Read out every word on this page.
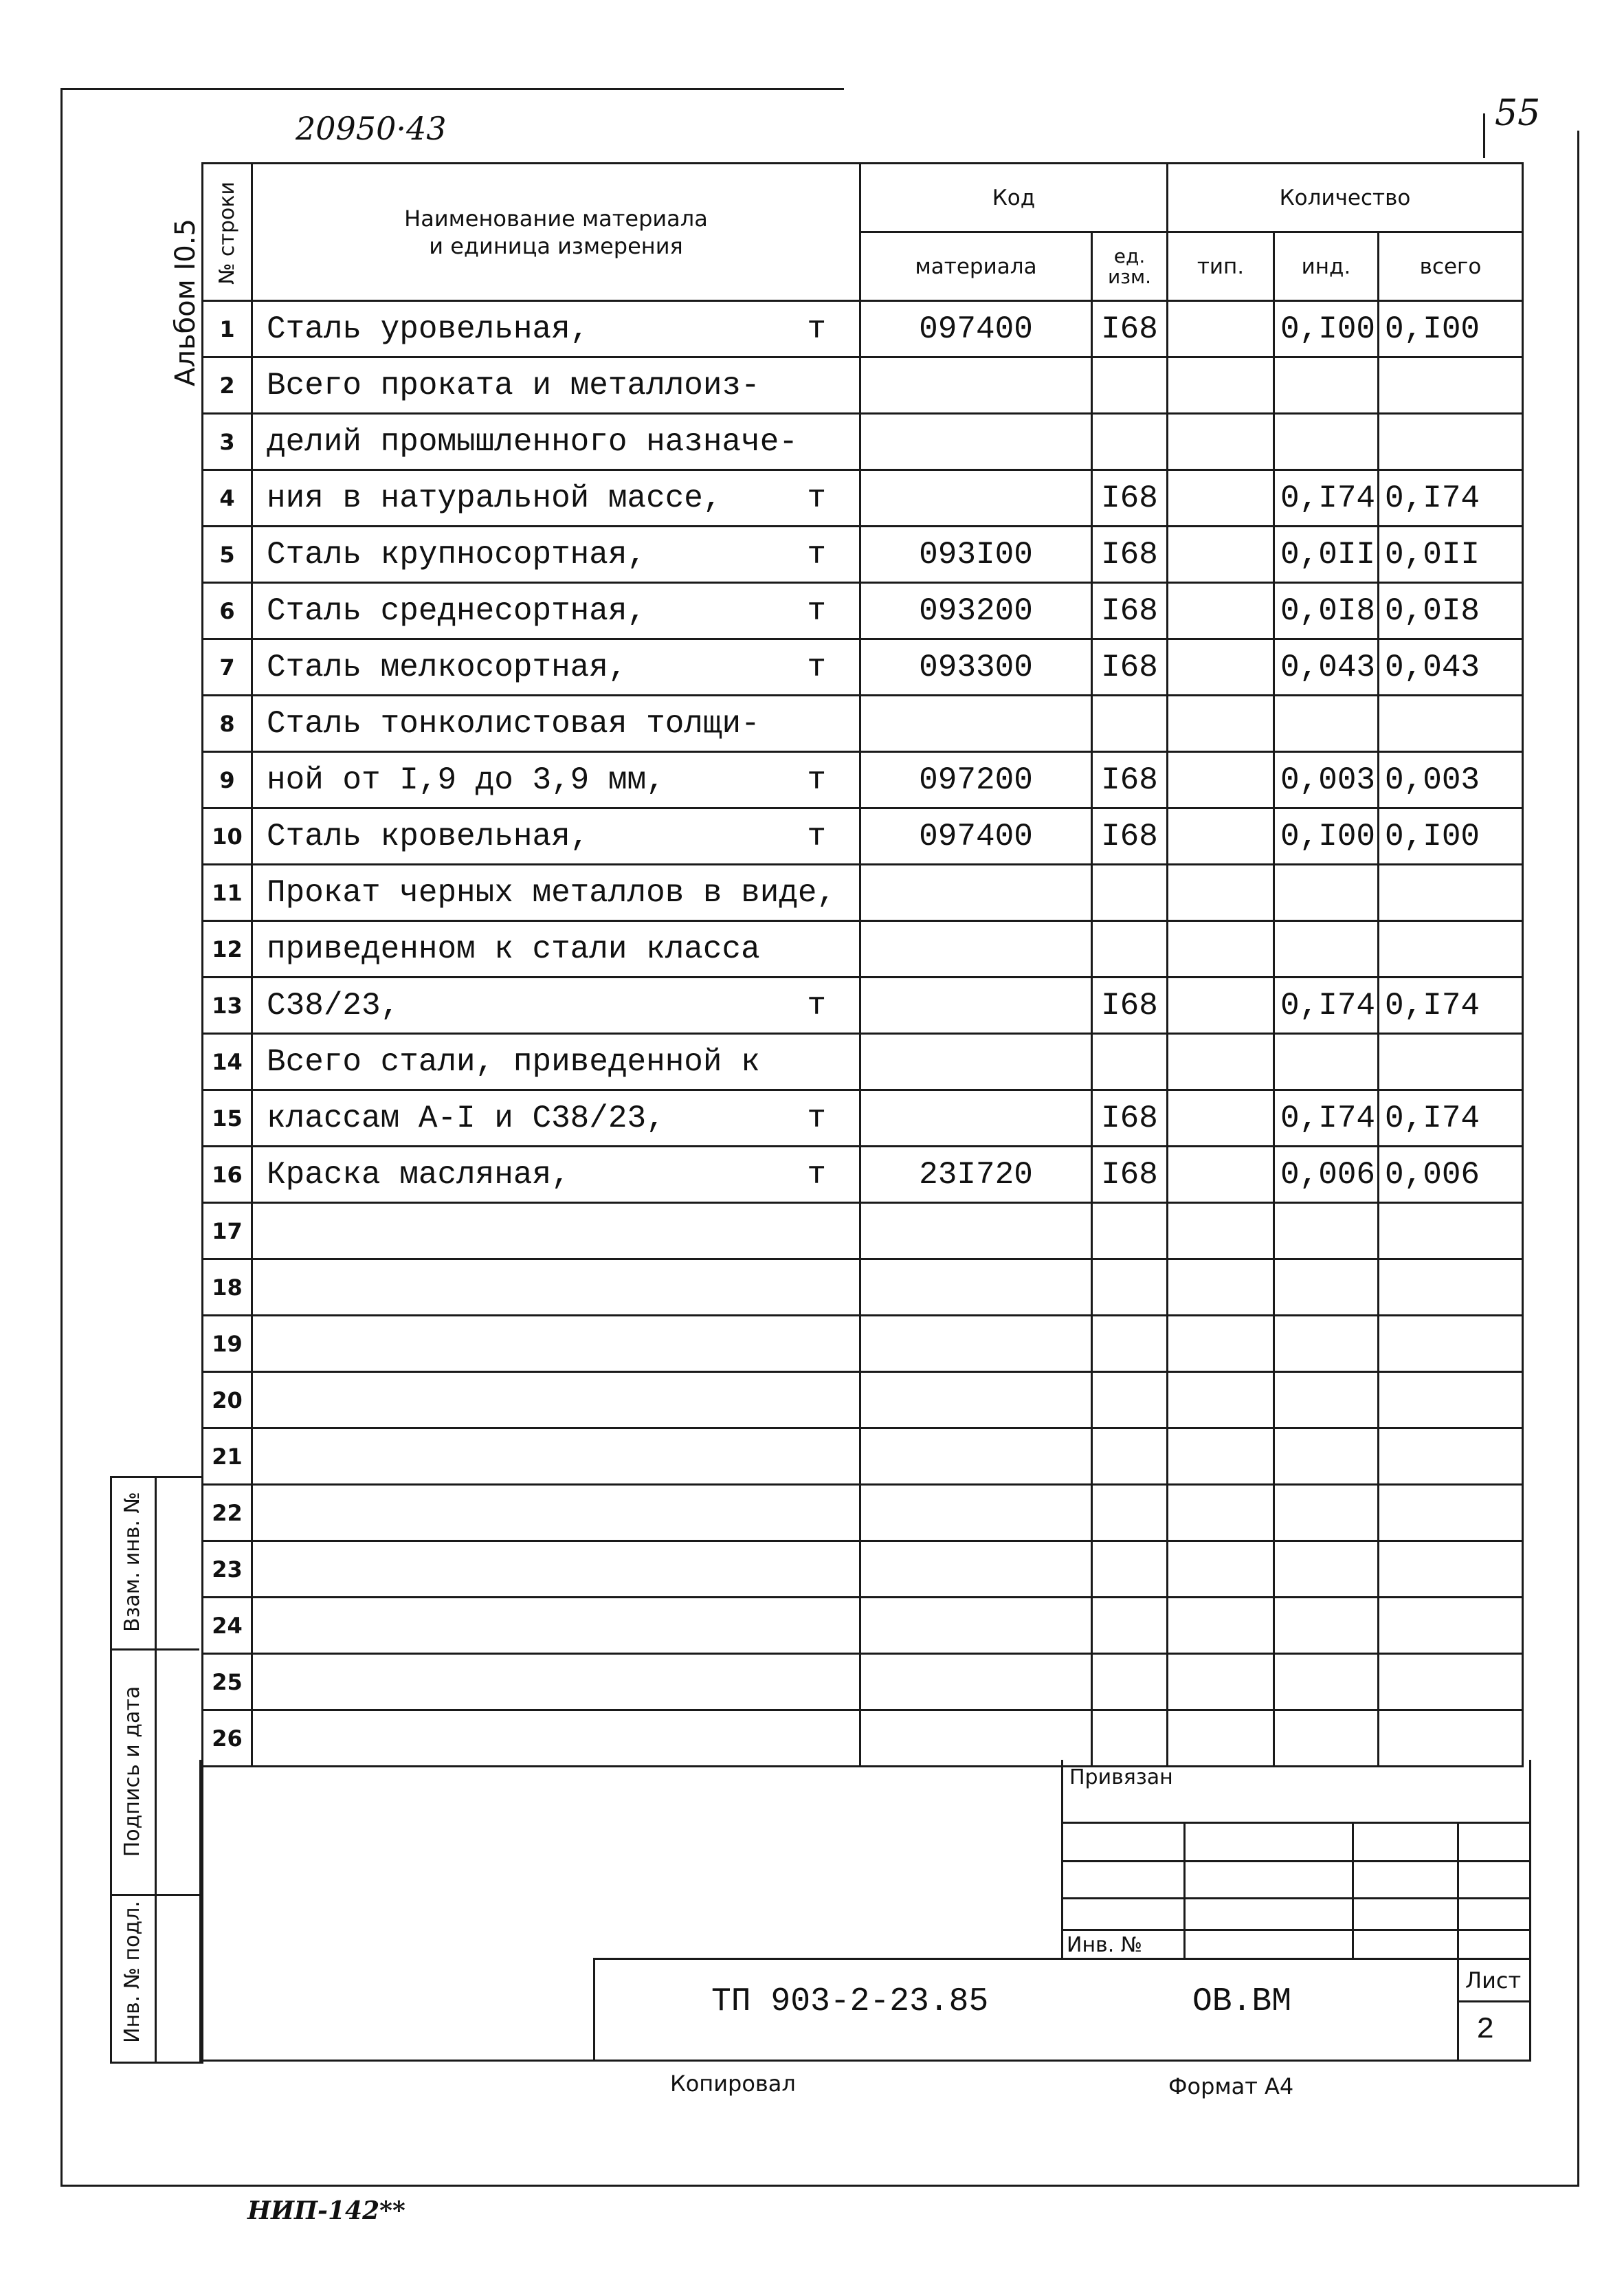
20950·43	55
Альбом I0.5 № строки	Наименование материала
и единица измерения	Код		Количество		
		материала	ед. изм.	тип.	инд.	всего
1	Сталь уровельная, т	097400	I68		0,I00	0,I00
2	Всего проката и металлоиз-

3	делий промышленного назначе-

4	ния в натуральной массе, т		I68		0,I74	0,I74
5	Сталь крупносортная, т	093I00	I68		0,0II	0,0II
6	Сталь среднесортная, т	093200	I68		0,0I8	0,0I8
7	Сталь мелкосортная, т	093300	I68		0,043	0,043
8	Сталь тонколистовая толщи-

9	ной от I,9 до 3,9 мм, т	097200	I68		0,003	0,003
10	Сталь кровельная, т	097400	I68		0,I00	0,I00
11	Прокат черных металлов в виде,

12	приведенном к стали класса

13	С38/23, т		I68		0,I74	0,I74
14	Всего стали, приведенной к

15	классам А-I и С38/23, т		I68		0,I74	0,I74
16	Краска масляная, т	23I720	I68		0,006	0,006
17	

18	

19	

20	

21	

22	

23	

24	

25	

26	

Взам. инв. №
Подпись и дата
Инв. № подл.
Привязан
Инв. №
ТП 903-2-23.85	ОВ.ВМ
Лист
2
Копировал	Формат А4
НИП-142**
